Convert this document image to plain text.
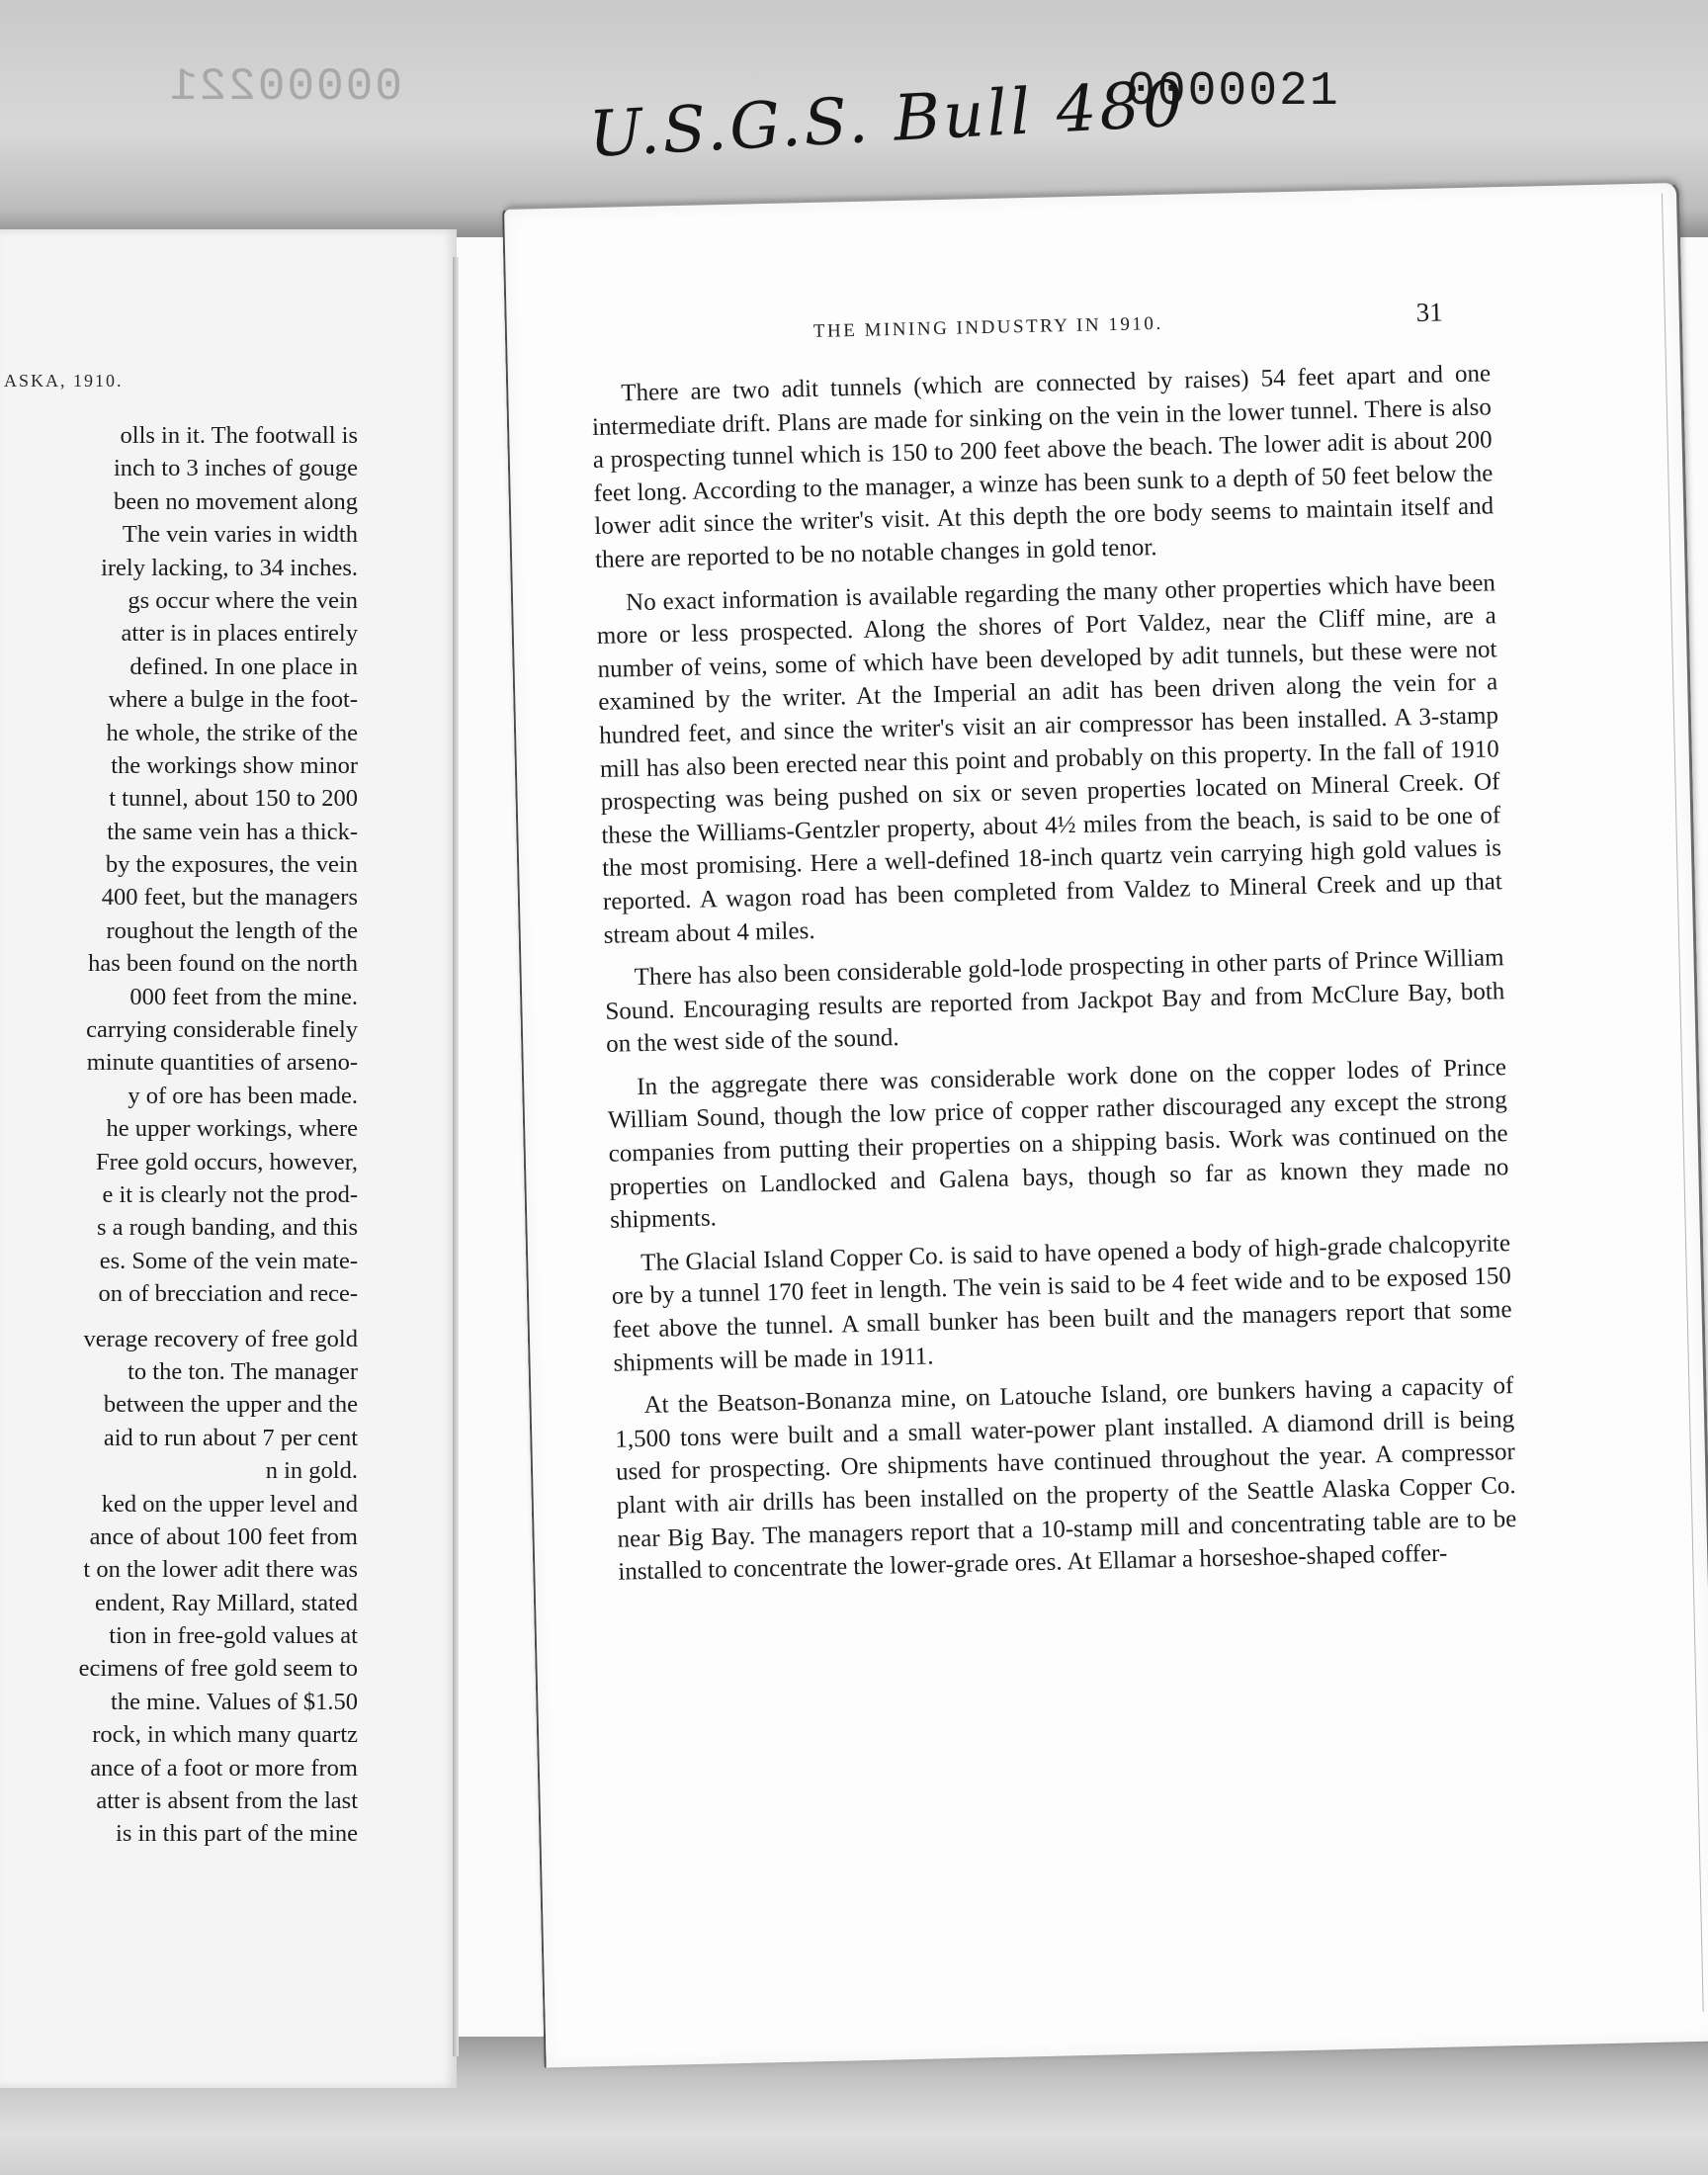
00000221	0000021
U.S.G.S. Bull 480
ASKA, 1910.
olls in it. The footwall is
inch to 3 inches of gouge
been no movement along
The vein varies in width
irely lacking, to 34 inches.
gs occur where the vein
atter is in places entirely
defined. In one place in
where a bulge in the foot-
he whole, the strike of the
the workings show minor
t tunnel, about 150 to 200
the same vein has a thick-
by the exposures, the vein
400 feet, but the managers
roughout the length of the
has been found on the north
000 feet from the mine.
carrying considerable finely
minute quantities of arseno-
y of ore has been made.
he upper workings, where
Free gold occurs, however,
e it is clearly not the prod-
s a rough banding, and this
es. Some of the vein mate-
on of brecciation and rece-
verage recovery of free gold
to the ton. The manager
between the upper and the
aid to run about 7 per cent
n in gold.
ked on the upper level and
ance of about 100 feet from
t on the lower adit there was
endent, Ray Millard, stated
tion in free-gold values at
ecimens of free gold seem to
the mine. Values of $1.50
rock, in which many quartz
ance of a foot or more from
atter is absent from the last
is in this part of the mine
THE MINING INDUSTRY IN 1910.
31

There are two adit tunnels (which are connected by raises) 54 feet apart and one intermediate drift. Plans are made for sinking on the vein in the lower tunnel. There is also a prospecting tunnel which is 150 to 200 feet above the beach. The lower adit is about 200 feet long. According to the manager, a winze has been sunk to a depth of 50 feet below the lower adit since the writer's visit. At this depth the ore body seems to maintain itself and there are reported to be no notable changes in gold tenor.

No exact information is available regarding the many other properties which have been more or less prospected. Along the shores of Port Valdez, near the Cliff mine, are a number of veins, some of which have been developed by adit tunnels, but these were not examined by the writer. At the Imperial an adit has been driven along the vein for a hundred feet, and since the writer's visit an air compressor has been installed. A 3-stamp mill has also been erected near this point and probably on this property. In the fall of 1910 prospecting was being pushed on six or seven properties located on Mineral Creek. Of these the Williams-Gentzler property, about 4½ miles from the beach, is said to be one of the most promising. Here a well-defined 18-inch quartz vein carrying high gold values is reported. A wagon road has been completed from Valdez to Mineral Creek and up that stream about 4 miles.

There has also been considerable gold-lode prospecting in other parts of Prince William Sound. Encouraging results are reported from Jackpot Bay and from McClure Bay, both on the west side of the sound.

In the aggregate there was considerable work done on the copper lodes of Prince William Sound, though the low price of copper rather discouraged any except the strong companies from putting their properties on a shipping basis. Work was continued on the properties on Landlocked and Galena bays, though so far as known they made no shipments.

The Glacial Island Copper Co. is said to have opened a body of high-grade chalcopyrite ore by a tunnel 170 feet in length. The vein is said to be 4 feet wide and to be exposed 150 feet above the tunnel. A small bunker has been built and the managers report that some shipments will be made in 1911.

At the Beatson-Bonanza mine, on Latouche Island, ore bunkers having a capacity of 1,500 tons were built and a small water-power plant installed. A diamond drill is being used for prospecting. Ore shipments have continued throughout the year. A compressor plant with air drills has been installed on the property of the Seattle Alaska Copper Co. near Big Bay. The managers report that a 10-stamp mill and concentrating table are to be installed to concentrate the lower-grade ores. At Ellamar a horseshoe-shaped coffer-
